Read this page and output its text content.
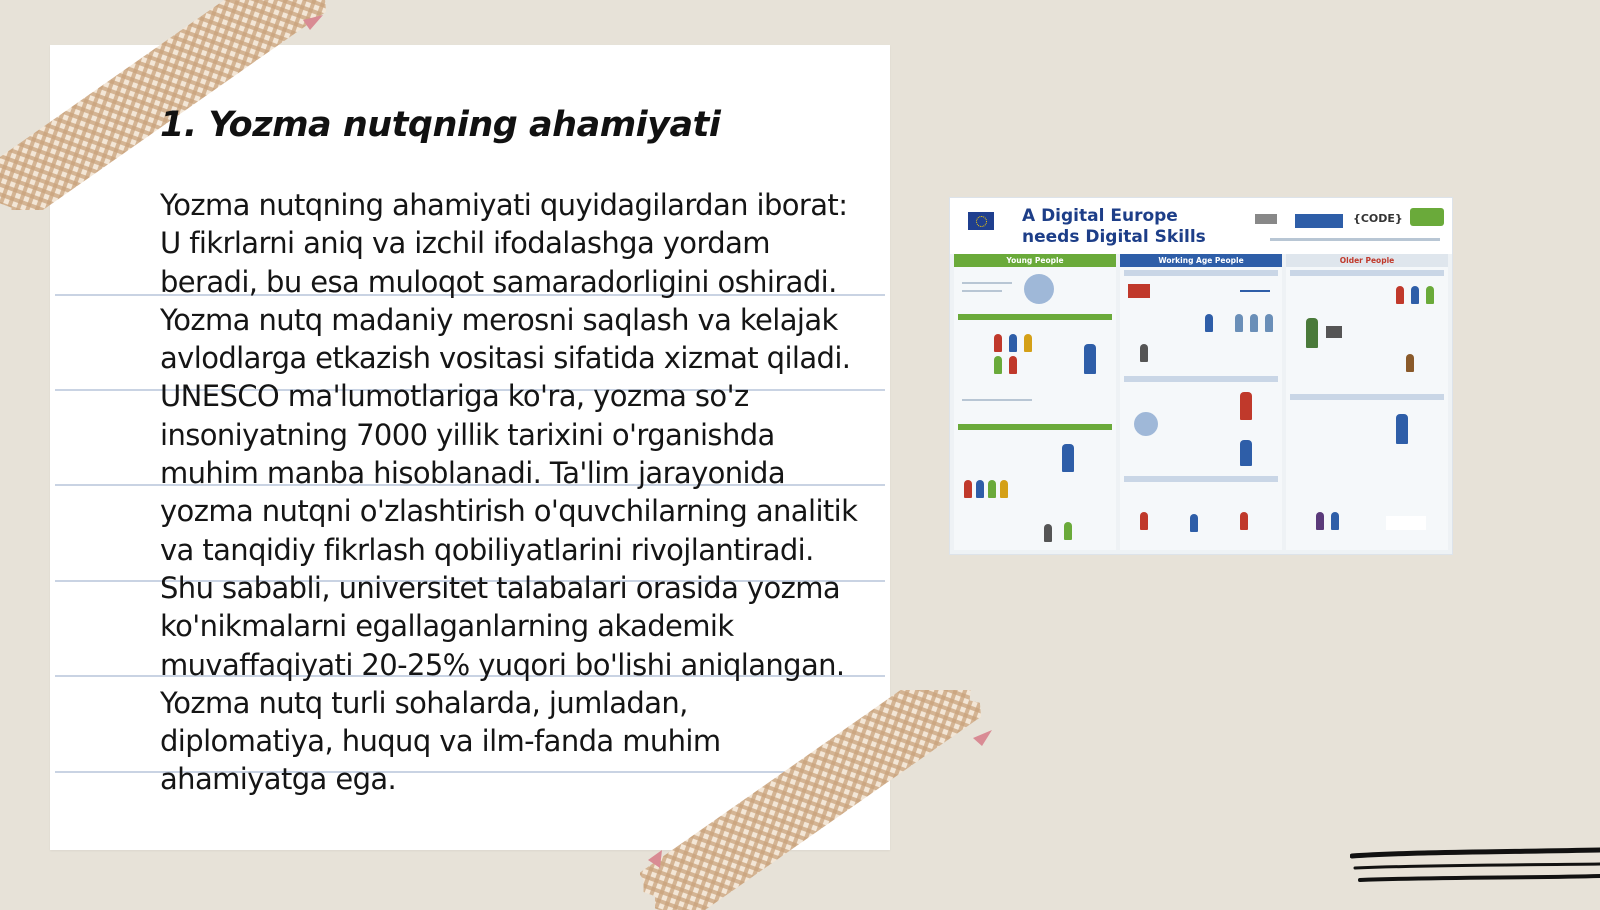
1. Yozma nutqning ahamiyati

Yozma nutqning ahamiyati quyidagilardan iborat: U fikrlarni aniq va izchil ifodalashga yordam beradi, bu esa muloqot samaradorligini oshiradi. Yozma nutq madaniy merosni saqlash va kelajak avlodlarga etkazish vositasi sifatida xizmat qiladi. UNESCO ma'lumotlariga ko'ra, yozma so'z insoniyatning 7000 yillik tarixini o'rganishda muhim manba hisoblanadi. Ta'lim jarayonida yozma nutqni o'zlashtirish o'quvchilarning analitik va tanqidiy fikrlash qobiliyatlarini rivojlantiradi. Shu sababli, universitet talabalari orasida yozma ko'nikmalarni egallaganlarning akademik muvaffaqiyati 20-25% yuqori bo'lishi aniqlangan. Yozma nutq turli sohalarda, jumladan, diplomatiya, huquq va ilm-fanda muhim ahamiyatga ega.

A Digital Europe
needs Digital Skills
{CODE}
Young People	Working Age People	Older People
